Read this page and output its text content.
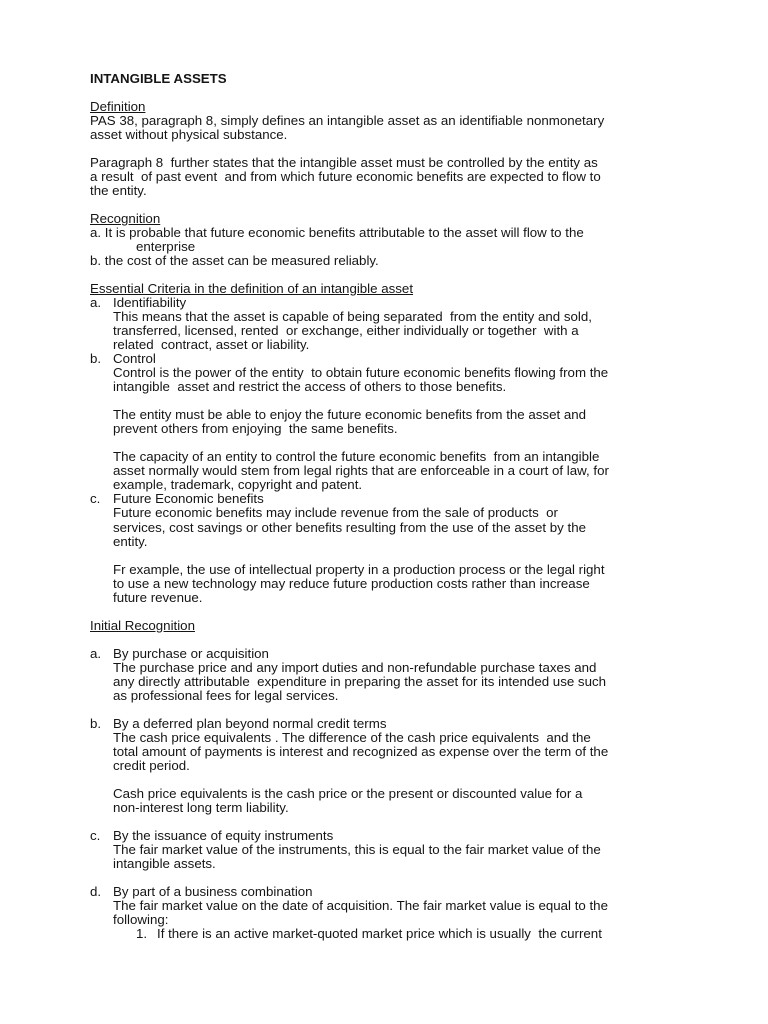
INTANGIBLE ASSETS
Definition
PAS 38, paragraph 8, simply defines an intangible asset as an identifiable nonmonetary
asset without physical substance.
Paragraph 8  further states that the intangible asset must be controlled by the entity as
a result  of past event  and from which future economic benefits are expected to flow to
the entity.
Recognition
a. It is probable that future economic benefits attributable to the asset will flow to the
enterprise
b. the cost of the asset can be measured reliably.
Essential Criteria in the definition of an intangible asset
a. Identifiability
This means that the asset is capable of being separated  from the entity and sold,
transferred, licensed, rented  or exchange, either individually or together  with a
related  contract, asset or liability.
b. Control
Control is the power of the entity  to obtain future economic benefits flowing from the
intangible  asset and restrict the access of others to those benefits.
The entity must be able to enjoy the future economic benefits from the asset and
prevent others from enjoying  the same benefits.
The capacity of an entity to control the future economic benefits  from an intangible
asset normally would stem from legal rights that are enforceable in a court of law, for
example, trademark, copyright and patent.
c. Future Economic benefits
Future economic benefits may include revenue from the sale of products  or
services, cost savings or other benefits resulting from the use of the asset by the
entity.
Fr example, the use of intellectual property in a production process or the legal right
to use a new technology may reduce future production costs rather than increase
future revenue.
Initial Recognition
a. By purchase or acquisition
The purchase price and any import duties and non-refundable purchase taxes and
any directly attributable  expenditure in preparing the asset for its intended use such
as professional fees for legal services.
b. By a deferred plan beyond normal credit terms
The cash price equivalents . The difference of the cash price equivalents  and the
total amount of payments is interest and recognized as expense over the term of the
credit period.
Cash price equivalents is the cash price or the present or discounted value for a
non-interest long term liability.
c. By the issuance of equity instruments
The fair market value of the instruments, this is equal to the fair market value of the
intangible assets.
d. By part of a business combination
The fair market value on the date of acquisition. The fair market value is equal to the
following:
1. If there is an active market-quoted market price which is usually  the current
